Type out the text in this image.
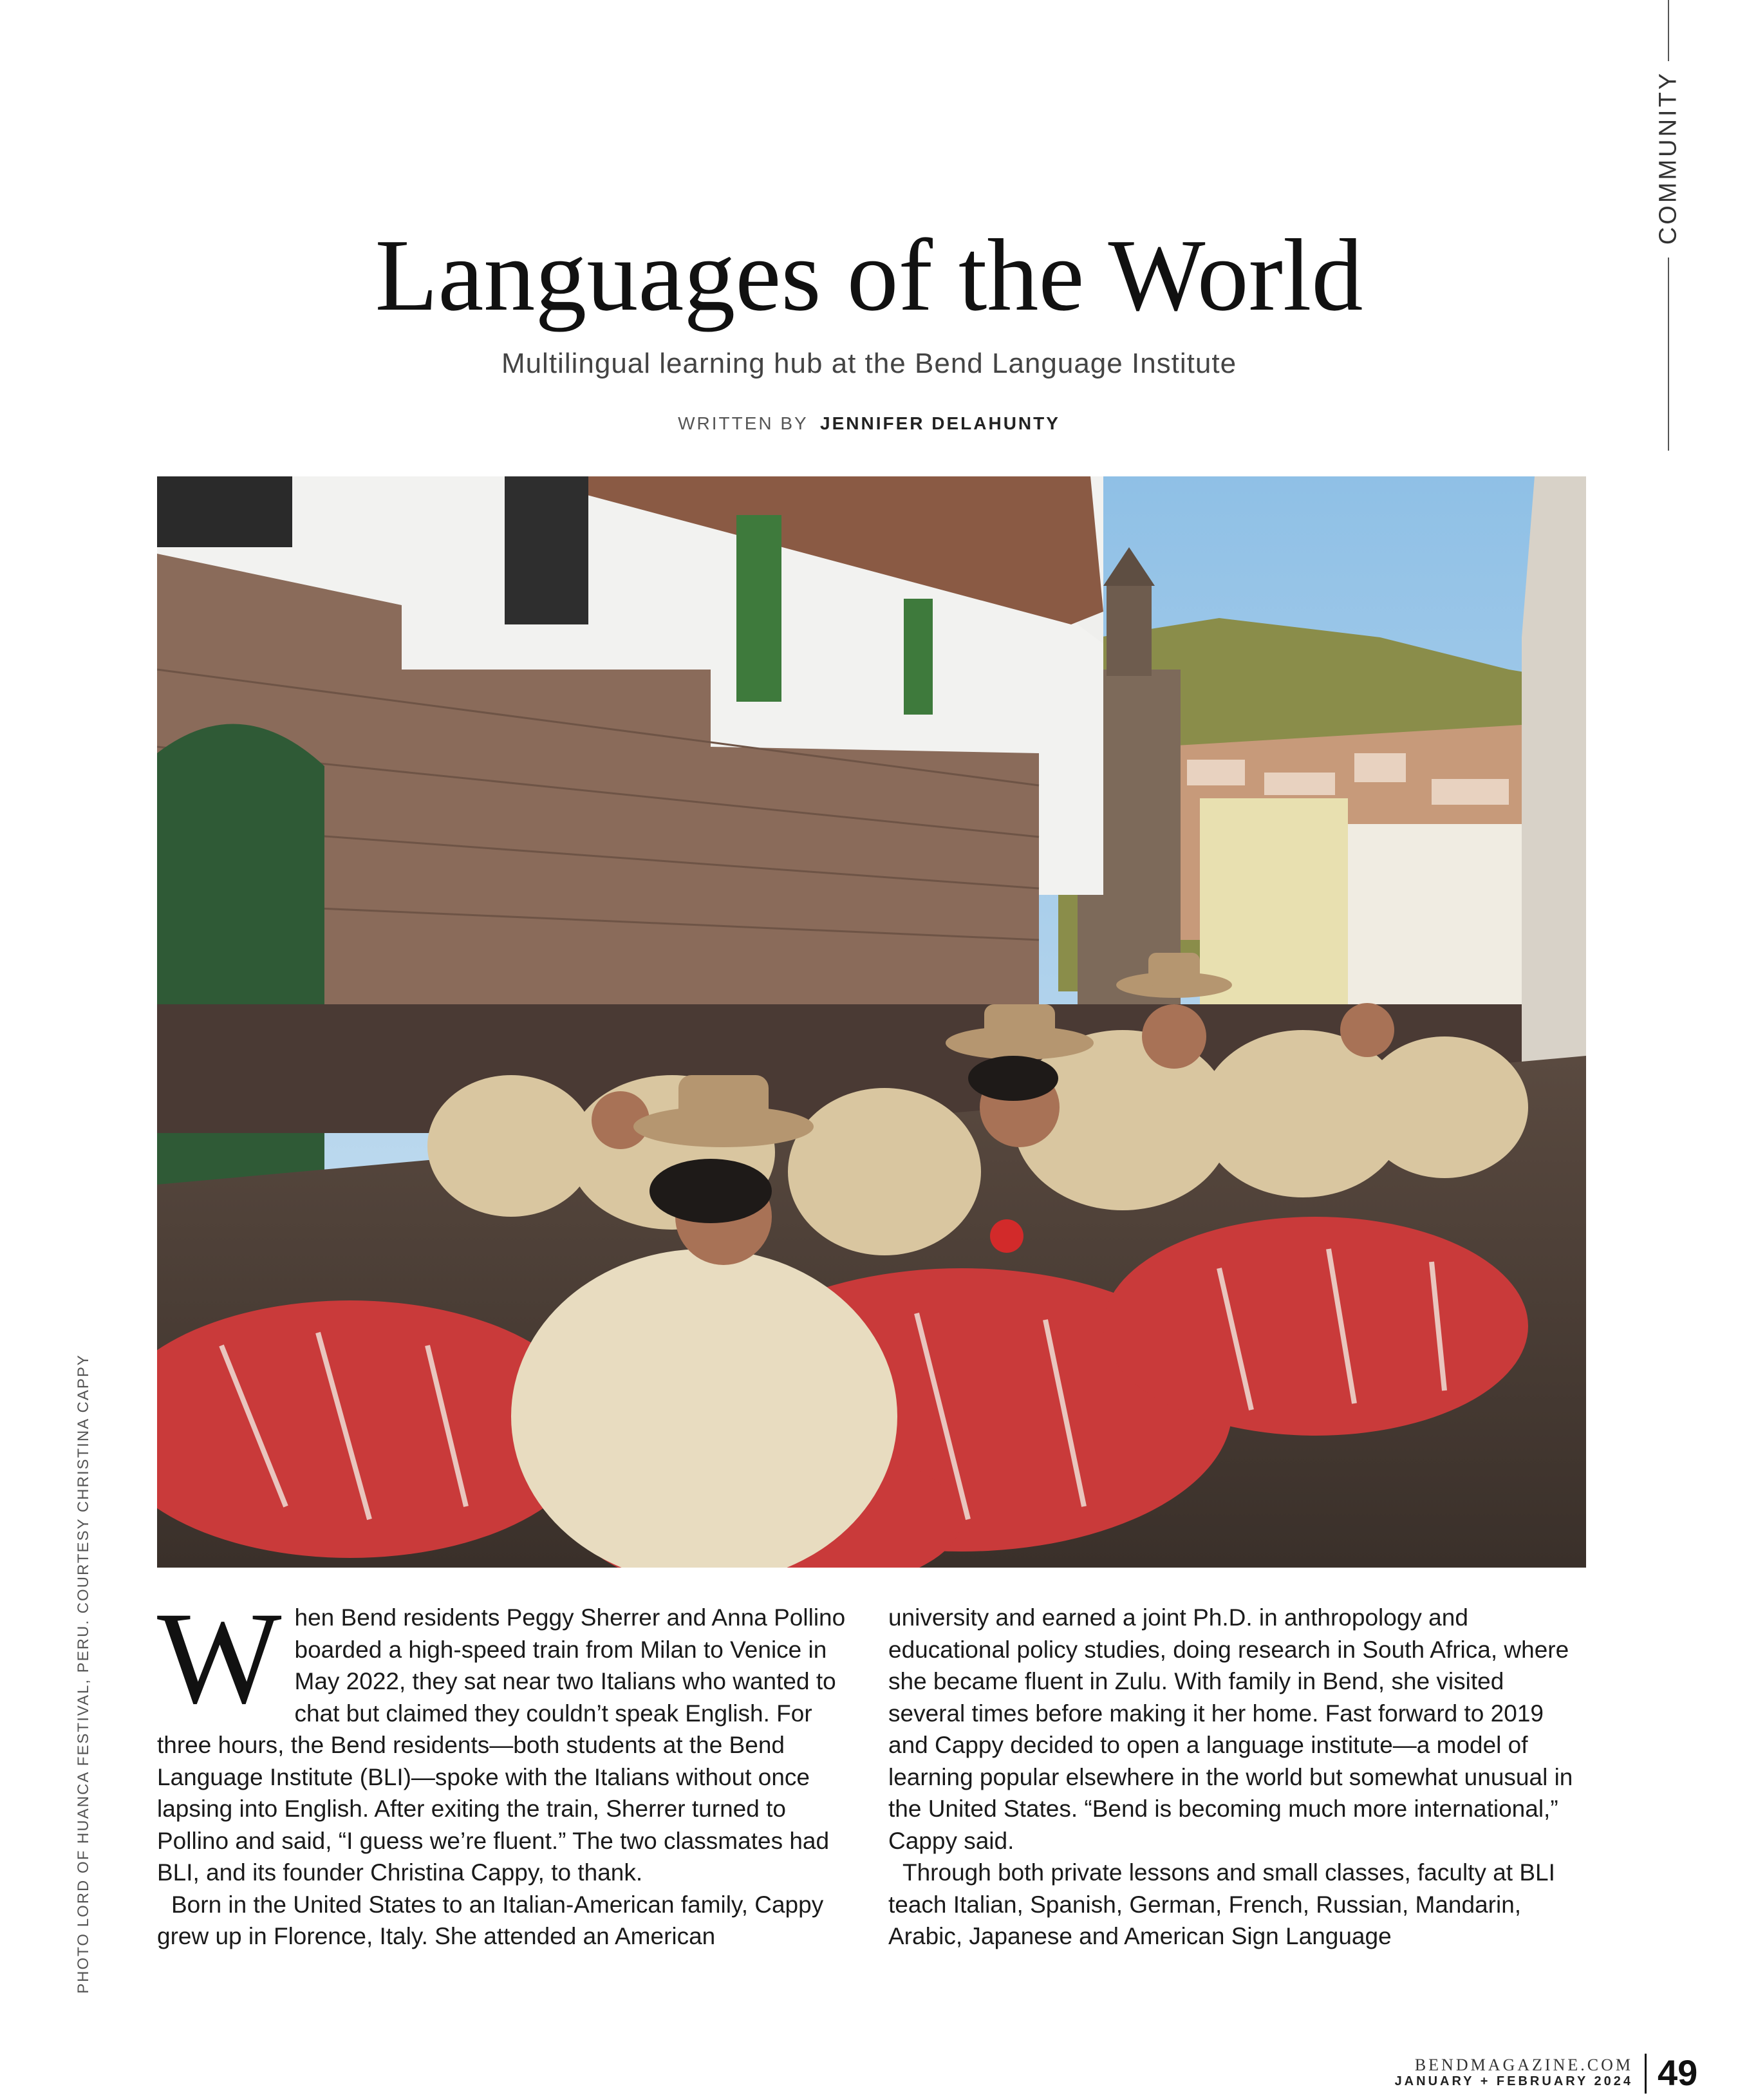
COMMUNITY
Languages of the World
Multilingual learning hub at the Bend Language Institute
WRITTEN BY JENNIFER DELAHUNTY
PHOTO LORD OF HUANCA FESTIVAL, PERU. COURTESY CHRISTINA CAPPY When Bend residents Peggy Sherrer and Anna Pollino boarded a high-speed train from Milan to Venice in May 2022, they sat near two Italians who wanted to chat but claimed they couldn’t speak English. For three hours, the Bend residents—both students at the Bend Language Institute (BLI)—spoke with the Italians without once lapsing into English. After exiting the train, Sherrer turned to Pollino and said, “I guess we’re fluent.” The two classmates had BLI, and its founder Christina Cappy, to thank.

Born in the United States to an Italian-American family, Cappy grew up in Florence, Italy. She attended an American

university and earned a joint Ph.D. in anthropology and educational policy studies, doing research in South Africa, where she became fluent in Zulu. With family in Bend, she visited several times before making it her home. Fast forward to 2019 and Cappy decided to open a language institute—a model of learning popular elsewhere in the world but somewhat unusual in the United States. “Bend is becoming much more international,” Cappy said.

Through both private lessons and small classes, faculty at BLI teach Italian, Spanish, German, French, Russian, Mandarin, Arabic, Japanese and American Sign Language

BENDMAGAZINE.COM
JANUARY + FEBRUARY 2024 49
